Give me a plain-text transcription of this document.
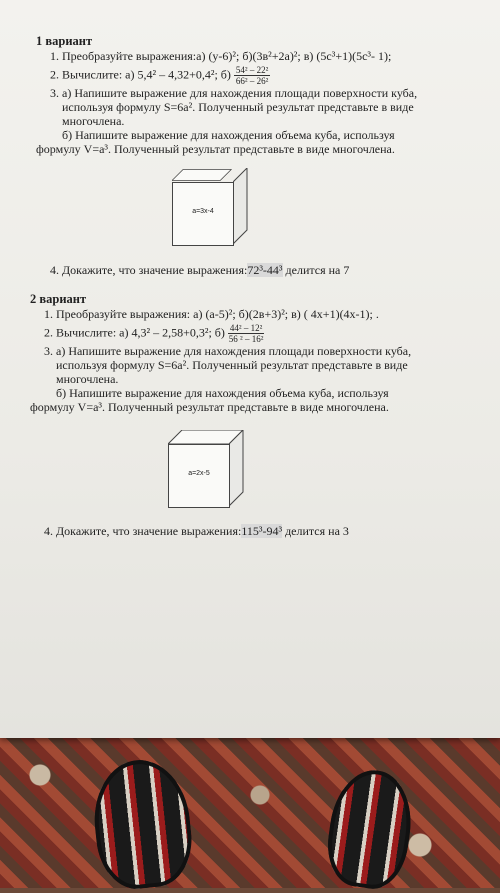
1 вариант

1. Преобразуйте выражения:а) (y-6)²; б)(3в²+2а)²; в) (5c³+1)(5c³- 1);
2. Вычислите: а) 5,4² – 4,32+0,4²; $б) \frac{\text{54² – 22²}}{\text{66² – 26²}}$
3. а) Напишите выражение для нахождения площади поверхности куба,
используя формулу S=6a². Полученный результат представьте в виде
многочлена.
б) Напишите выражение для нахождения объема куба, используя
формулу V=a³. Полученный результат представьте в виде многочлена.
a=3x-4
4. Докажите, что значение выражения:72³-44³ делится на 7

2 вариант

1. Преобразуйте выражения: а) (а-5)²; б)(2в+3)²; в) ( 4x+1)(4x-1); .
2. Вычислите: а) 4,3² – 2,58+0,3²; $б) \frac{\text{44² – 12²}}{\text{56 ² – 16²}}$
3. а) Напишите выражение для нахождения площади поверхности куба,
используя формулу S=6a². Полученный результат представьте в виде
многочлена.
б) Напишите выражение для нахождения объема куба, используя
формулу V=a³. Полученный результат представьте в виде многочлена.
a=2x-5
4. Докажите, что значение выражения:115³-94³ делится на 3
